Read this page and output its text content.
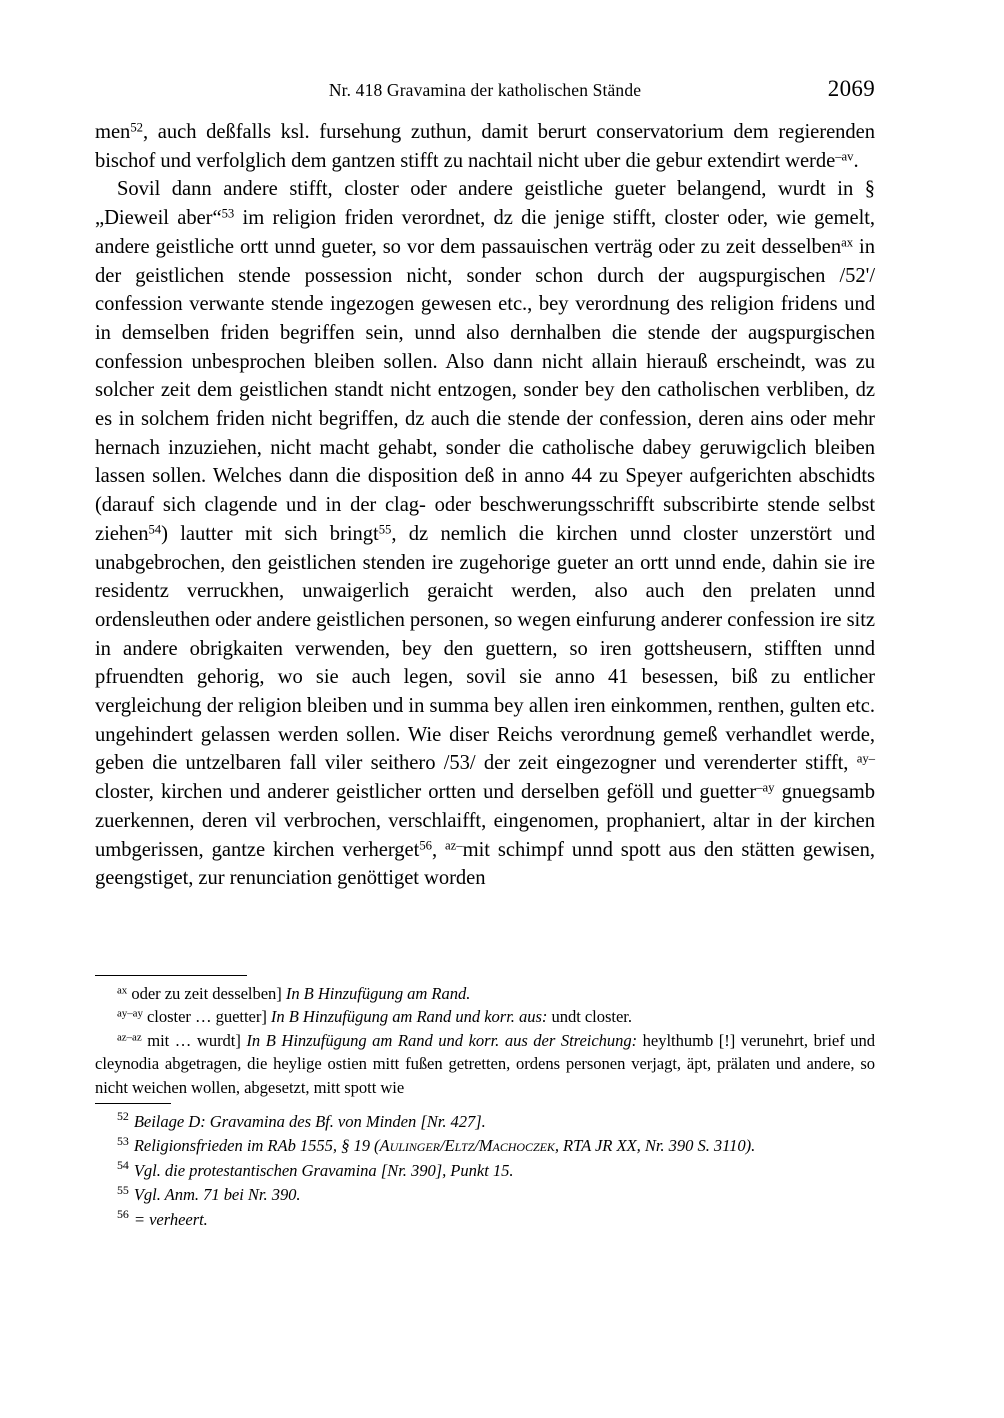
Nr. 418 Gravamina der katholischen Stände	2069

men$^{52}$, auch deßfalls ksl. fursehung zuthun, damit berurt conservatorium dem regierenden bischof und verfolglich dem gantzen stifft zu nachtail nicht uber die gebur extendirt werde$^{-av}$.

Sovil dann andere stifft, closter oder andere geistliche gueter belangend, wurdt in § „Dieweil aber“$^{53}$ im religion friden verordnet, dz die jenige stifft, closter oder, wie gemelt, andere geistliche ortt unnd gueter, so vor dem passauischen verträg oder zu zeit desselben$^{ax}$ in der geistlichen stende possession nicht, sonder schon durch der augspurgischen /52'/ confession verwante stende ingezogen gewesen etc., bey verordnung des religion fridens und in demselben friden begriffen sein, unnd also dernhalben die stende der augspurgischen confession unbesprochen bleiben sollen. Also dann nicht allain hierauß erscheindt, was zu solcher zeit dem geistlichen standt nicht entzogen, sonder bey den catholischen verbliben, dz es in solchem friden nicht begriffen, dz auch die stende der confession, deren ains oder mehr hernach inzuziehen, nicht macht gehabt, sonder die catholische dabey geruwigclich bleiben lassen sollen. Welches dann die disposition deß in anno 44 zu Speyer aufgerichten abschidts (darauf sich clagende und in der clag- oder beschwerungsschrifft subscribirte stende selbst ziehen$^{54}$) lautter mit sich bringt$^{55}$, dz nemlich die kirchen unnd closter unzerstört und unabgebrochen, den geistlichen stenden ire zugehorige gueter an ortt unnd ende, dahin sie ire residentz verruckhen, unwaigerlich geraicht werden, also auch den prelaten unnd ordensleuthen oder andere geistlichen personen, so wegen einfurung anderer confession ire sitz in andere obrigkaiten verwenden, bey den guettern, so iren gottsheusern, stifften unnd pfruendten gehorig, wo sie auch legen, sovil sie anno 41 besessen, biß zu entlicher vergleichung der religion bleiben und in summa bey allen iren einkommen, renthen, gulten etc. ungehindert gelassen werden sollen. Wie diser Reichs verordnung gemeß verhandlet werde, geben die untzelbaren fall viler seithero /53/ der zeit eingezogner und verenderter stifft, $^{ay-}$closter, kirchen und anderer geistlicher ortten und derselben geföll und guetter$^{-ay}$ gnuegsamb zuerkennen, deren vil verbrochen, verschlaifft, eingenomen, prophaniert, altar in der kirchen umbgerissen, gantze kirchen verherget$^{56}$, $^{az-}$mit schimpf unnd spott aus den stätten gewisen, geengstiget, zur renunciation genöttiget worden

$^{ax}$ oder zu zeit desselben] In B Hinzufügung am Rand.

$^{ay-ay}$ closter … guetter] In B Hinzufügung am Rand und korr. aus: undt closter.

$^{az-az}$ mit … wurdt] In B Hinzufügung am Rand und korr. aus der Streichung: heylthumb [!] verunehrt, brief und cleynodia abgetragen, die heylige ostien mitt fußen getretten, ordens personen verjagt, äpt, prälaten und andere, so nicht weichen wollen, abgesetzt, mitt spott wie

$^{52}$ Beilage D: Gravamina des Bf. von Minden [Nr. 427].

$^{53}$ Religionsfrieden im RAb 1555, § 19 (Aulinger/Eltz/Machoczek, RTA JR XX, Nr. 390 S. 3110).

$^{54}$ Vgl. die protestantischen Gravamina [Nr. 390], Punkt 15.

$^{55}$ Vgl. Anm. 71 bei Nr. 390.

$^{56}$ = verheert.
